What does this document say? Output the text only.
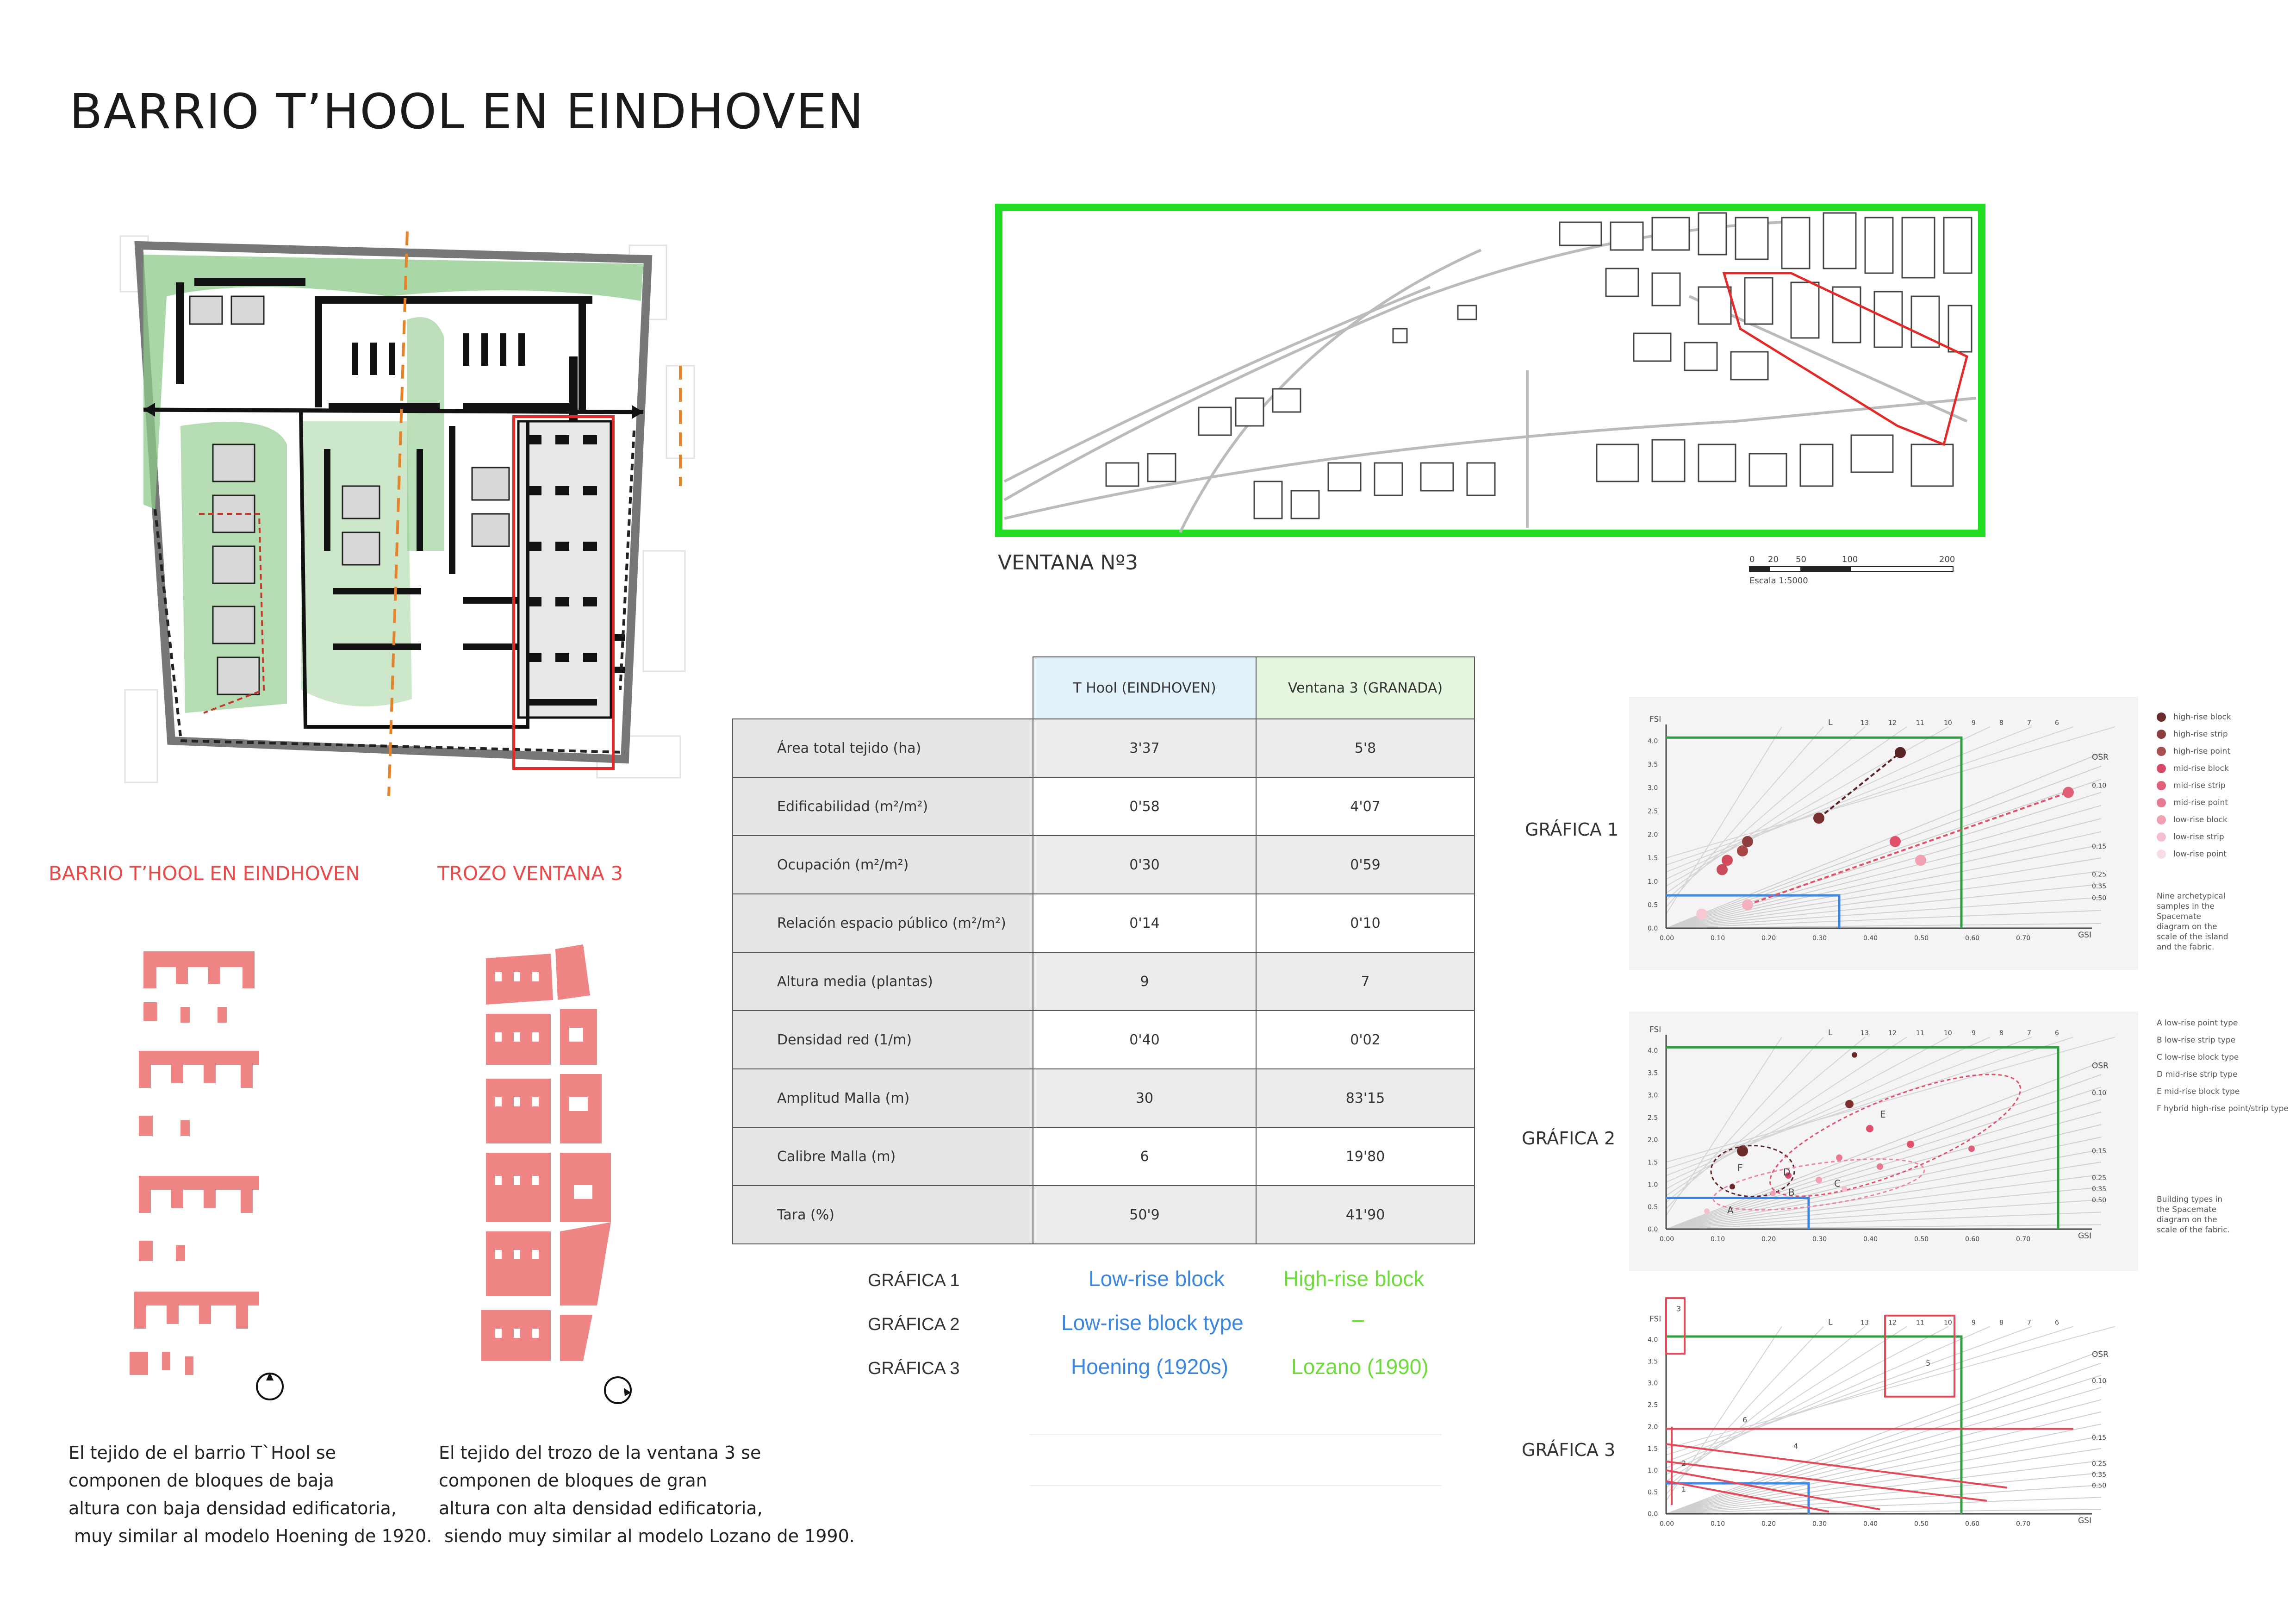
BARRIO T’HOOL EN EINDHOVEN
BARRIO T’HOOL EN EINDHOVEN	TROZO VENTANA 3
El tejido de el barrio T`Hool se
componen de bloques de baja
altura con baja densidad edificatoria,
muy similar al modelo Hoening de 1920.
El tejido del trozo de la ventana 3 se
componen de bloques de gran
altura con alta densidad edificatoria,
siendo muy similar al modelo Lozano de 1990.
VENTANA Nº3	0 20 50	100	200
Escala 1:5000
	T Hool (EINDHOVEN)	Ventana 3 (GRANADA)
Área total tejido (ha)	3'37	5'8
Edificabilidad (m²/m²)	0'58	4'07
Ocupación (m²/m²)	0'30	0'59
Relación espacio público (m²/m²)	0'14	0'10
Altura media (plantas)	9	7
Densidad red (1/m)	0'40	0'02
Amplitud Malla (m)	30	83'15
Calibre Malla (m)	6	19'80
Tara (%)	50'9	41'90
GRÁFICA 1	Low-rise block	High-rise block
GRÁFICA 2	Low-rise block type	–
GRÁFICA 3	Hoening (1920s)	Lozano (1990)
GRÁFICA 1
GRÁFICA 2
GRÁFICA 3
0.00	0.10	0.20	0.30	0.40	0.50	0.60	0.70
0.0
0.5
1.0
1.5
2.0
2.5
3.0
3.5
4.0
FSI
GSI
OSR
L	13	12	11	10	9	8	7	6
0.10
0.15
0.25
0.35
0.50
0.00	0.10	0.20	0.30	0.40	0.50	0.60	0.70
0.0
0.5
1.0
1.5
2.0
2.5
3.0
3.5
4.0
FSI
GSI
OSR
L	13	12	11	10	9	8	7	6
0.10
0.15
0.25
0.35
0.50
A
B
C
D
E
F
0.00	0.10	0.20	0.30	0.40	0.50	0.60	0.70
0.0
0.5
1.0
1.5
2.0
2.5
3.0
3.5
4.0
FSI
GSI
OSR
L	13	12	11	10	9	8	7	6
0.10
0.15
0.25
0.35
0.50
3
6
4
2
1
5
high-rise block
high-rise strip
high-rise point
mid-rise block
mid-rise strip
mid-rise point
low-rise block
low-rise strip
low-rise point
Nine archetypical
samples in the
Spacemate
diagram on the
scale of the island
and the fabric.
A low-rise point type
B low-rise strip type
C low-rise block type
D mid-rise strip type
E mid-rise block type
F hybrid high-rise point/strip type
Building types in
the Spacemate
diagram on the
scale of the fabric.
